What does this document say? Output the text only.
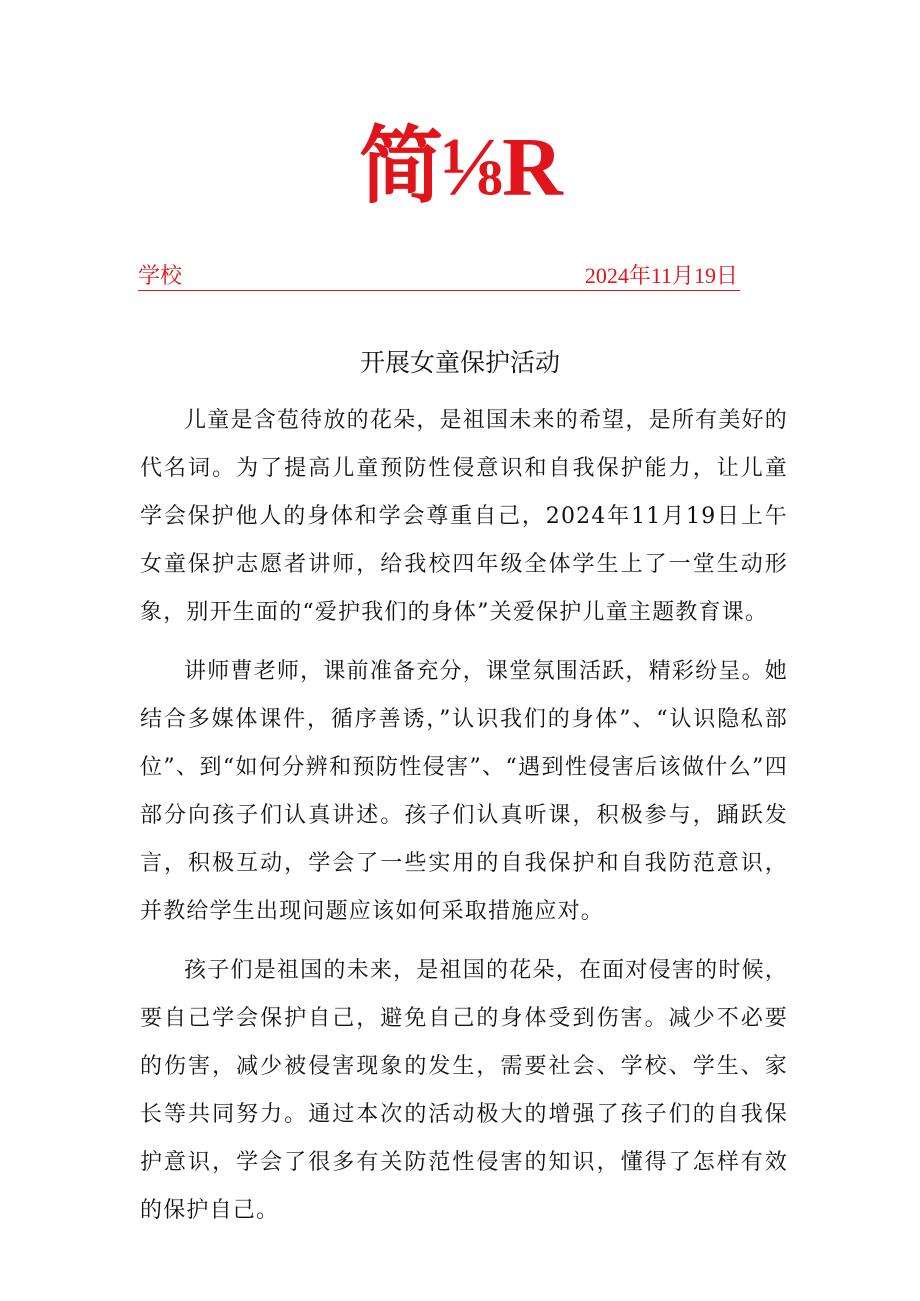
简⅛R
学校	2024年11月19日
开展女童保护活动

儿童是含苞待放的花朵，是祖国未来的希望，是所有美好的代名词。为了提高儿童预防性侵意识和自我保护能力，让儿童学会保护他人的身体和学会尊重自己，2024年11月19日上午女童保护志愿者讲师，给我校四年级全体学生上了一堂生动形象，别开生面的“爱护我们的身体”关爱保护儿童主题教育课。

讲师曹老师，课前准备充分，课堂氛围活跃，精彩纷呈。她结合多媒体课件，循序善诱，”认识我们的身体”、“认识隐私部位”、到“如何分辨和预防性侵害”、“遇到性侵害后该做什么”四部分向孩子们认真讲述。孩子们认真听课，积极参与，踊跃发言，积极互动，学会了一些实用的自我保护和自我防范意识，并教给学生出现问题应该如何采取措施应对。

孩子们是祖国的未来，是祖国的花朵，在面对侵害的时候，要自己学会保护自己，避免自己的身体受到伤害。减少不必要的伤害，减少被侵害现象的发生，需要社会、学校、学生、家长等共同努力。通过本次的活动极大的增强了孩子们的自我保护意识，学会了很多有关防范性侵害的知识，懂得了怎样有效的保护自己。
